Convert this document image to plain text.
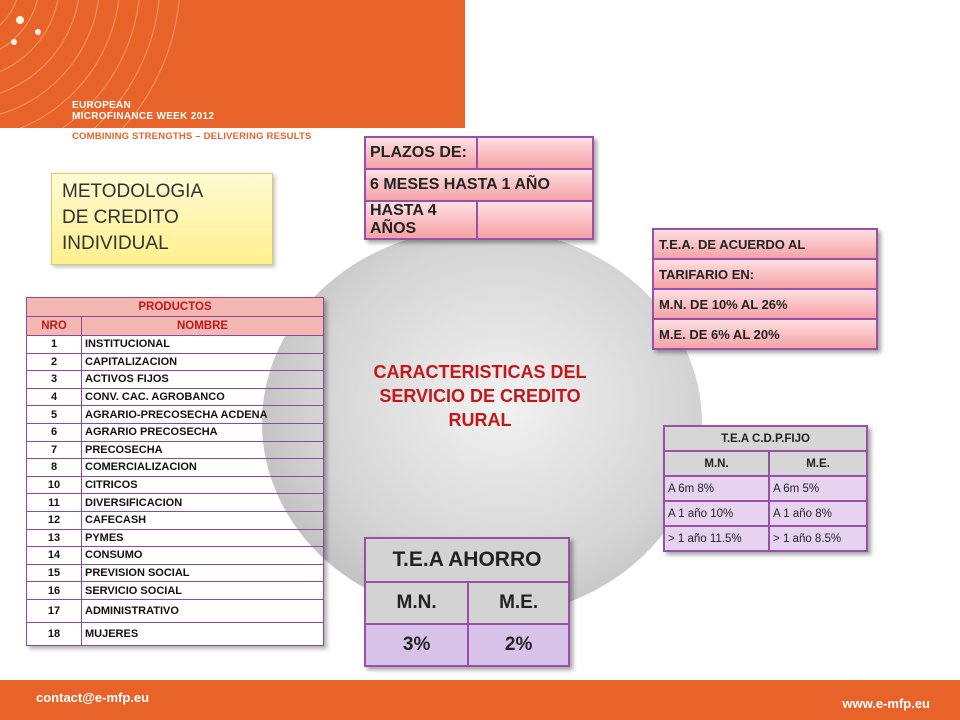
EUROPEAN
MICROFINANCE WEEK 2012
COMBINING STRENGTHS – DELIVERING RESULTS
CARACTERISTICAS DEL
SERVICIO DE CREDITO
RURAL
METODOLOGIA
DE CREDITO
INDIVIDUAL
PRODUCTOS	
NRO	NOMBRE
1	INSTITUCIONAL
2	CAPITALIZACION
3	ACTIVOS FIJOS
4	CONV. CAC. AGROBANCO
5	AGRARIO-PRECOSECHA ACDENA
6	AGRARIO PRECOSECHA
7	PRECOSECHA
8	COMERCIALIZACION
10	CITRICOS
11	DIVERSIFICACION
12	CAFECASH
13	PYMES
14	CONSUMO
15	PREVISION SOCIAL
16	SERVICIO SOCIAL
17	ADMINISTRATIVO
18	MUJERES
PLAZOS DE:	
6 MESES HASTA 1 AÑO	
HASTA 4 AÑOS	
T.E.A. DE ACUERDO AL
TARIFARIO EN:
M.N. DE 10% AL 26%
M.E. DE 6% AL 20%
T.E.A C.D.P.FIJO	
M.N.	M.E.
A 6m 8%	A 6m 5%
A 1 año 10%	A 1 año 8%
> 1 año 11.5%	> 1 año 8.5%
T.E.A AHORRO	
M.N.	M.E.
3%	2%
contact@e-mfp.eu	www.e-mfp.eu
